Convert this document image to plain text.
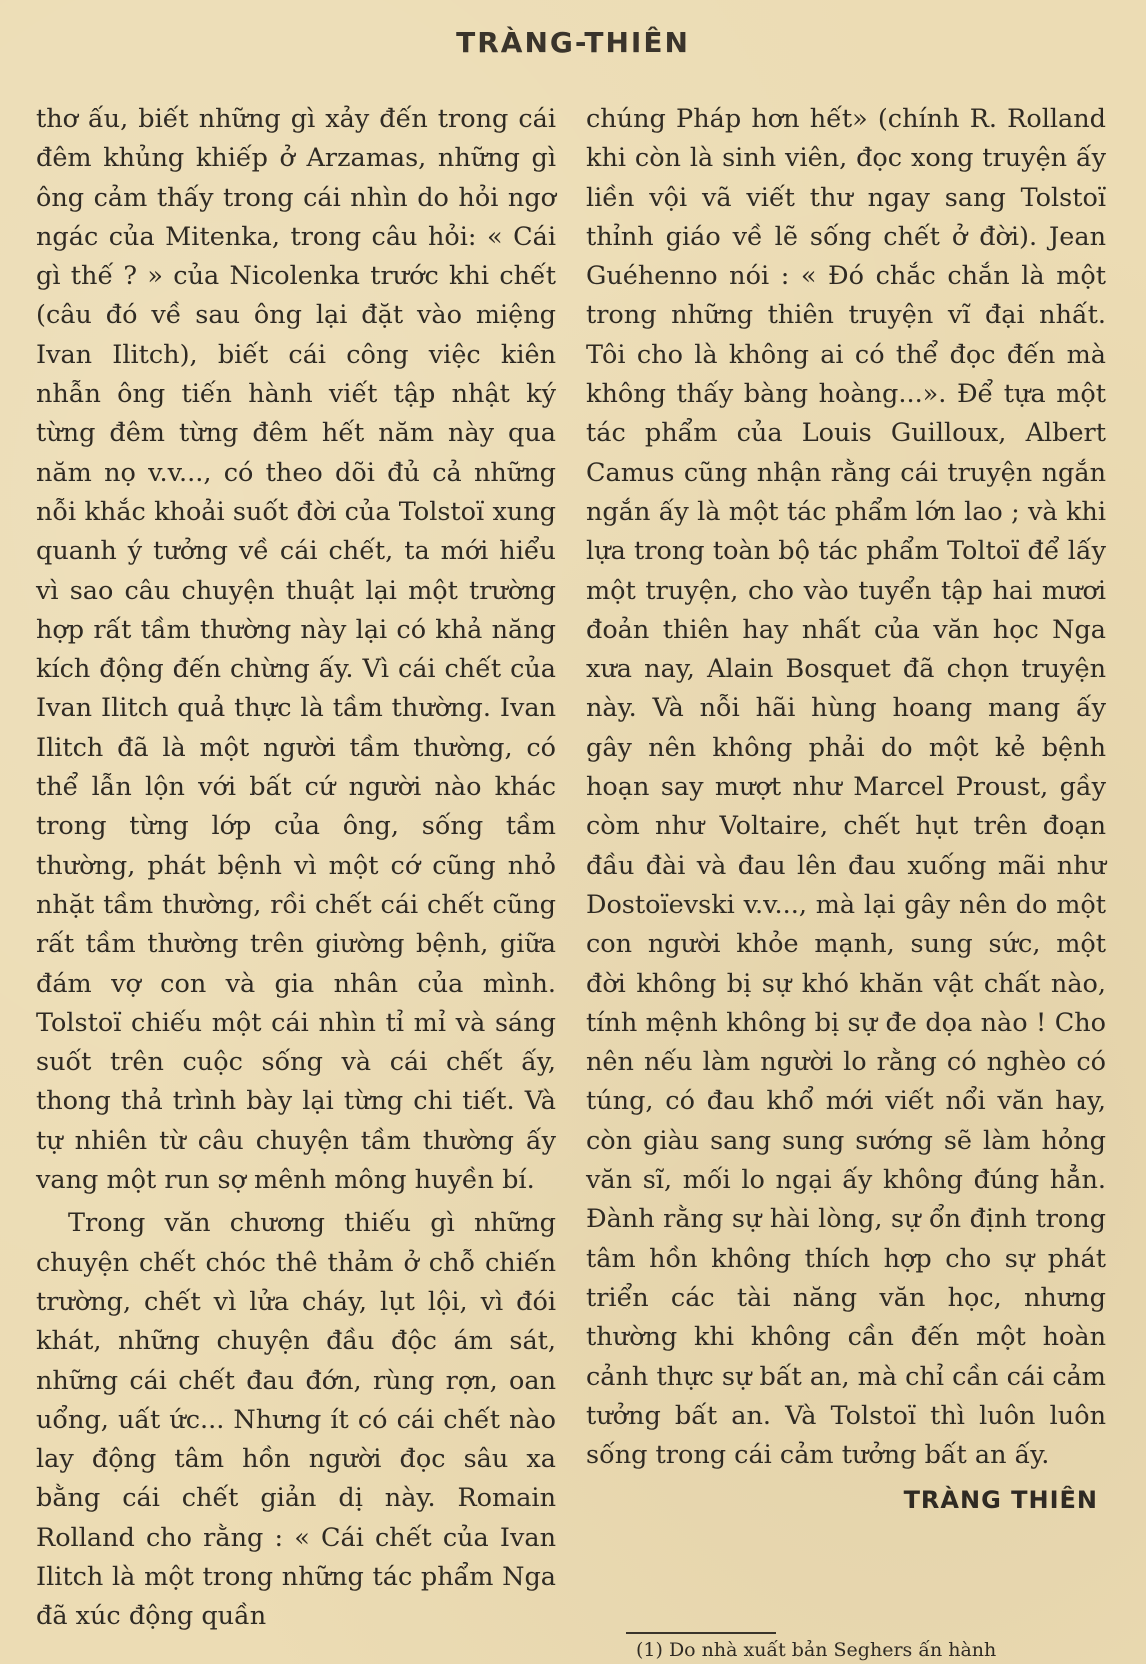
TRÀNG-THIÊN

thơ ấu, biết những gì xảy đến trong cái đêm khủng khiếp ở Arzamas, những gì ông cảm thấy trong cái nhìn do hỏi ngơ ngác của Mitenka, trong câu hỏi: « Cái gì thế ? » của Nicolenka trước khi chết (câu đó về sau ông lại đặt vào miệng Ivan Ilitch), biết cái công việc kiên nhẫn ông tiến hành viết tập nhật ký từng đêm từng đêm hết năm này qua năm nọ v.v..., có theo dõi đủ cả những nỗi khắc khoải suốt đời của Tolstoï xung quanh ý tưởng về cái chết, ta mới hiểu vì sao câu chuyện thuật lại một trường hợp rất tầm thường này lại có khả năng kích động đến chừng ấy. Vì cái chết của Ivan Ilitch quả thực là tầm thường. Ivan Ilitch đã là một người tầm thường, có thể lẫn lộn với bất cứ người nào khác trong từng lớp của ông, sống tầm thường, phát bệnh vì một cớ cũng nhỏ nhặt tầm thường, rồi chết cái chết cũng rất tầm thường trên giường bệnh, giữa đám vợ con và gia nhân của mình. Tolstoï chiếu một cái nhìn tỉ mỉ và sáng suốt trên cuộc sống và cái chết ấy, thong thả trình bày lại từng chi tiết. Và tự nhiên từ câu chuyện tầm thường ấy vang một run sợ mênh mông huyền bí.

Trong văn chương thiếu gì những chuyện chết chóc thê thảm ở chỗ chiến trường, chết vì lửa cháy, lụt lội, vì đói khát, những chuyện đầu độc ám sát, những cái chết đau đớn, rùng rợn, oan uổng, uất ức... Nhưng ít có cái chết nào lay động tâm hồn người đọc sâu xa bằng cái chết giản dị này. Romain Rolland cho rằng : « Cái chết của Ivan Ilitch là một trong những tác phẩm Nga đã xúc động quần

chúng Pháp hơn hết» (chính R. Rolland khi còn là sinh viên, đọc xong truyện ấy liền vội vã viết thư ngay sang Tolstoï thỉnh giáo về lẽ sống chết ở đời). Jean Guéhenno nói : « Đó chắc chắn là một trong những thiên truyện vĩ đại nhất. Tôi cho là không ai có thể đọc đến mà không thấy bàng hoàng...». Để tựa một tác phẩm của Louis Guilloux, Albert Camus cũng nhận rằng cái truyện ngắn ngắn ấy là một tác phẩm lớn lao ; và khi lựa trong toàn bộ tác phẩm Toltoï để lấy một truyện, cho vào tuyển tập hai mươi đoản thiên hay nhất của văn học Nga xưa nay, Alain Bosquet đã chọn truyện này. Và nỗi hãi hùng hoang mang ấy gây nên không phải do một kẻ bệnh hoạn say mượt như Marcel Proust, gầy còm như Voltaire, chết hụt trên đoạn đầu đài và đau lên đau xuống mãi như Dostoïevski v.v..., mà lại gây nên do một con người khỏe mạnh, sung sức, một đời không bị sự khó khăn vật chất nào, tính mệnh không bị sự đe dọa nào ! Cho nên nếu làm người lo rằng có nghèo có túng, có đau khổ mới viết nổi văn hay, còn giàu sang sung sướng sẽ làm hỏng văn sĩ, mối lo ngại ấy không đúng hẳn. Đành rằng sự hài lòng, sự ổn định trong tâm hồn không thích hợp cho sự phát triển các tài năng văn học, nhưng thường khi không cần đến một hoàn cảnh thực sự bất an, mà chỉ cần cái cảm tưởng bất an. Và Tolstoï thì luôn luôn sống trong cái cảm tưởng bất an ấy.

TRÀNG THIÊN
(1) Do nhà xuất bản Seghers ấn hành
